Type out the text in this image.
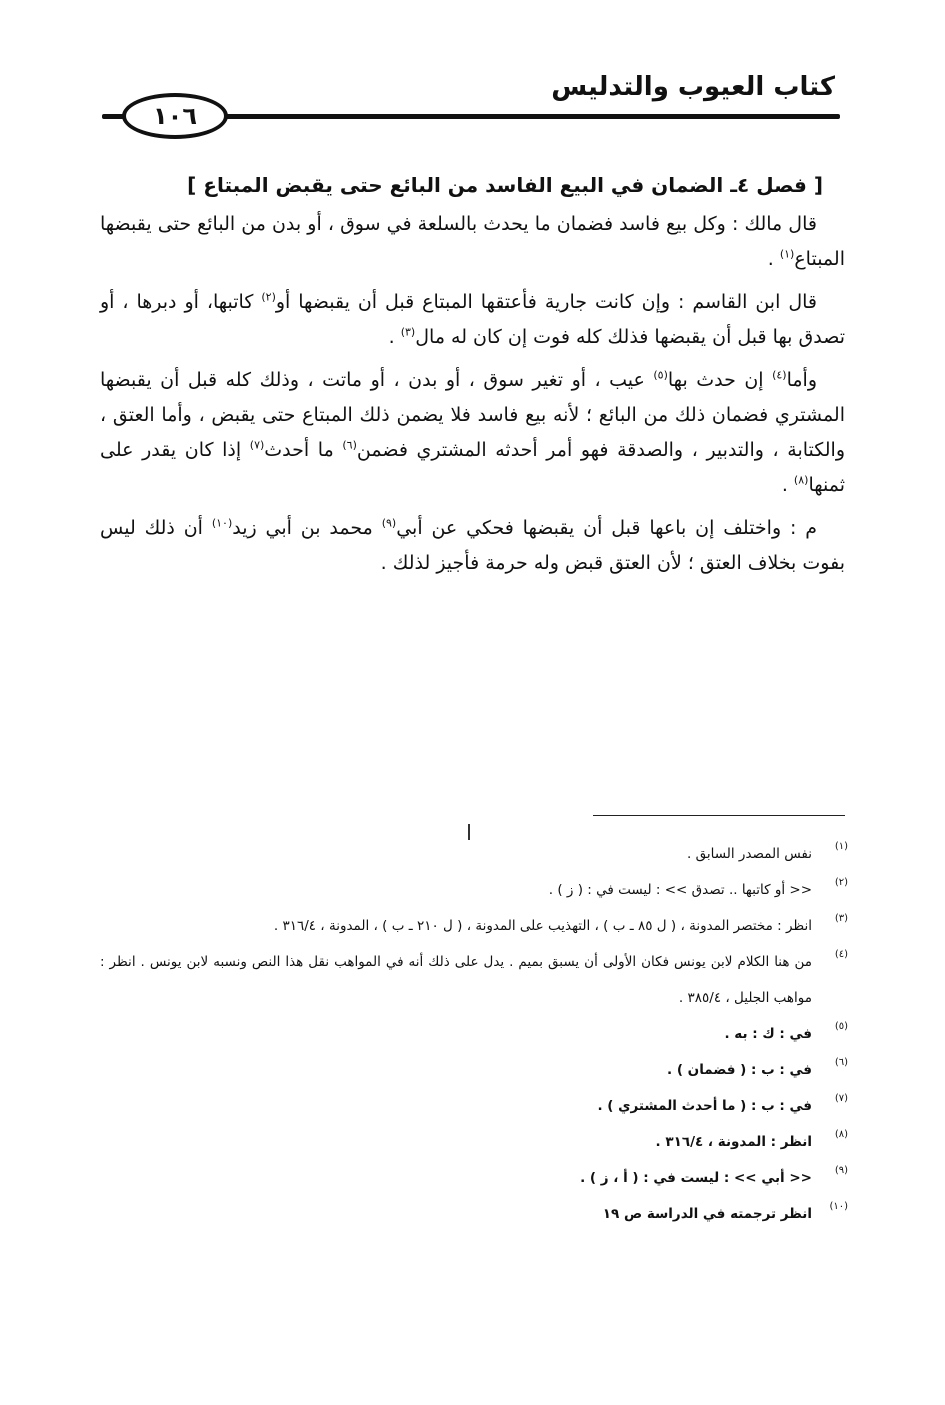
كتاب العيوب والتدليس
١٠٦
[ فصل ٤ـ الضمان في البيع الفاسد من البائع حتى يقبض المبتاع ]

قال مالك : وكل بيع فاسد فضمان ما يحدث بالسلعة في سوق ، أو بدن من البائع حتى يقبضها المبتاع$^{(١)}$ .

قال ابن القاسم : وإن كانت جارية فأعتقها المبتاع قبل أن يقبضها أو$^{(٢)}$ كاتبها، أو دبرها ، أو تصدق بها قبل أن يقبضها فذلك كله فوت إن كان له مال$^{(٣)}$ .

وأما$^{(٤)}$ إن حدث بها$^{(٥)}$ عيب ، أو تغير سوق ، أو بدن ، أو ماتت ، وذلك كله قبل أن يقبضها المشتري فضمان ذلك من البائع ؛ لأنه بيع فاسد فلا يضمن ذلك المبتاع حتى يقبض ، وأما العتق ، والكتابة ، والتدبير ، والصدقة فهو أمر أحدثه المشتري فضمن$^{(٦)}$ ما أحدث$^{(٧)}$ إذا كان يقدر على ثمنها$^{(٨)}$ .

م : واختلف إن باعها قبل أن يقبضها فحكي عن أبي$^{(٩)}$ محمد بن أبي زيد$^{(١٠)}$ أن ذلك ليس بفوت بخلاف العتق ؛ لأن العتق قبض وله حرمة فأجيز لذلك .

(١)
نفس المصدر السابق .
(٢)
<< أو كاتبها .. تصدق >> : ليست في : ( ز ) .
(٣)
انظر : مختصر المدونة ، ( ل ٨٥ ـ ب ) ، التهذيب على المدونة ، ( ل ٢١٠ ـ ب ) ، المدونة ، ٣١٦/٤ .
(٤)
من هنا الكلام لابن يونس فكان الأولى أن يسبق بميم . يدل على ذلك أنه في المواهب نقل هذا النص ونسبه لابن يونس . انظر : مواهب الجليل ، ٣٨٥/٤ .
(٥)
في : ك : به .
(٦)
في : ب : ( فضمان ) .
(٧)
في : ب : ( ما أحدث المشتري ) .
(٨)
انظر : المدونة ، ٣١٦/٤ .
(٩)
<< أبي >> : ليست في : ( أ ، ز ) .
(١٠)
انظر ترجمته في الدراسة ص ١٩
